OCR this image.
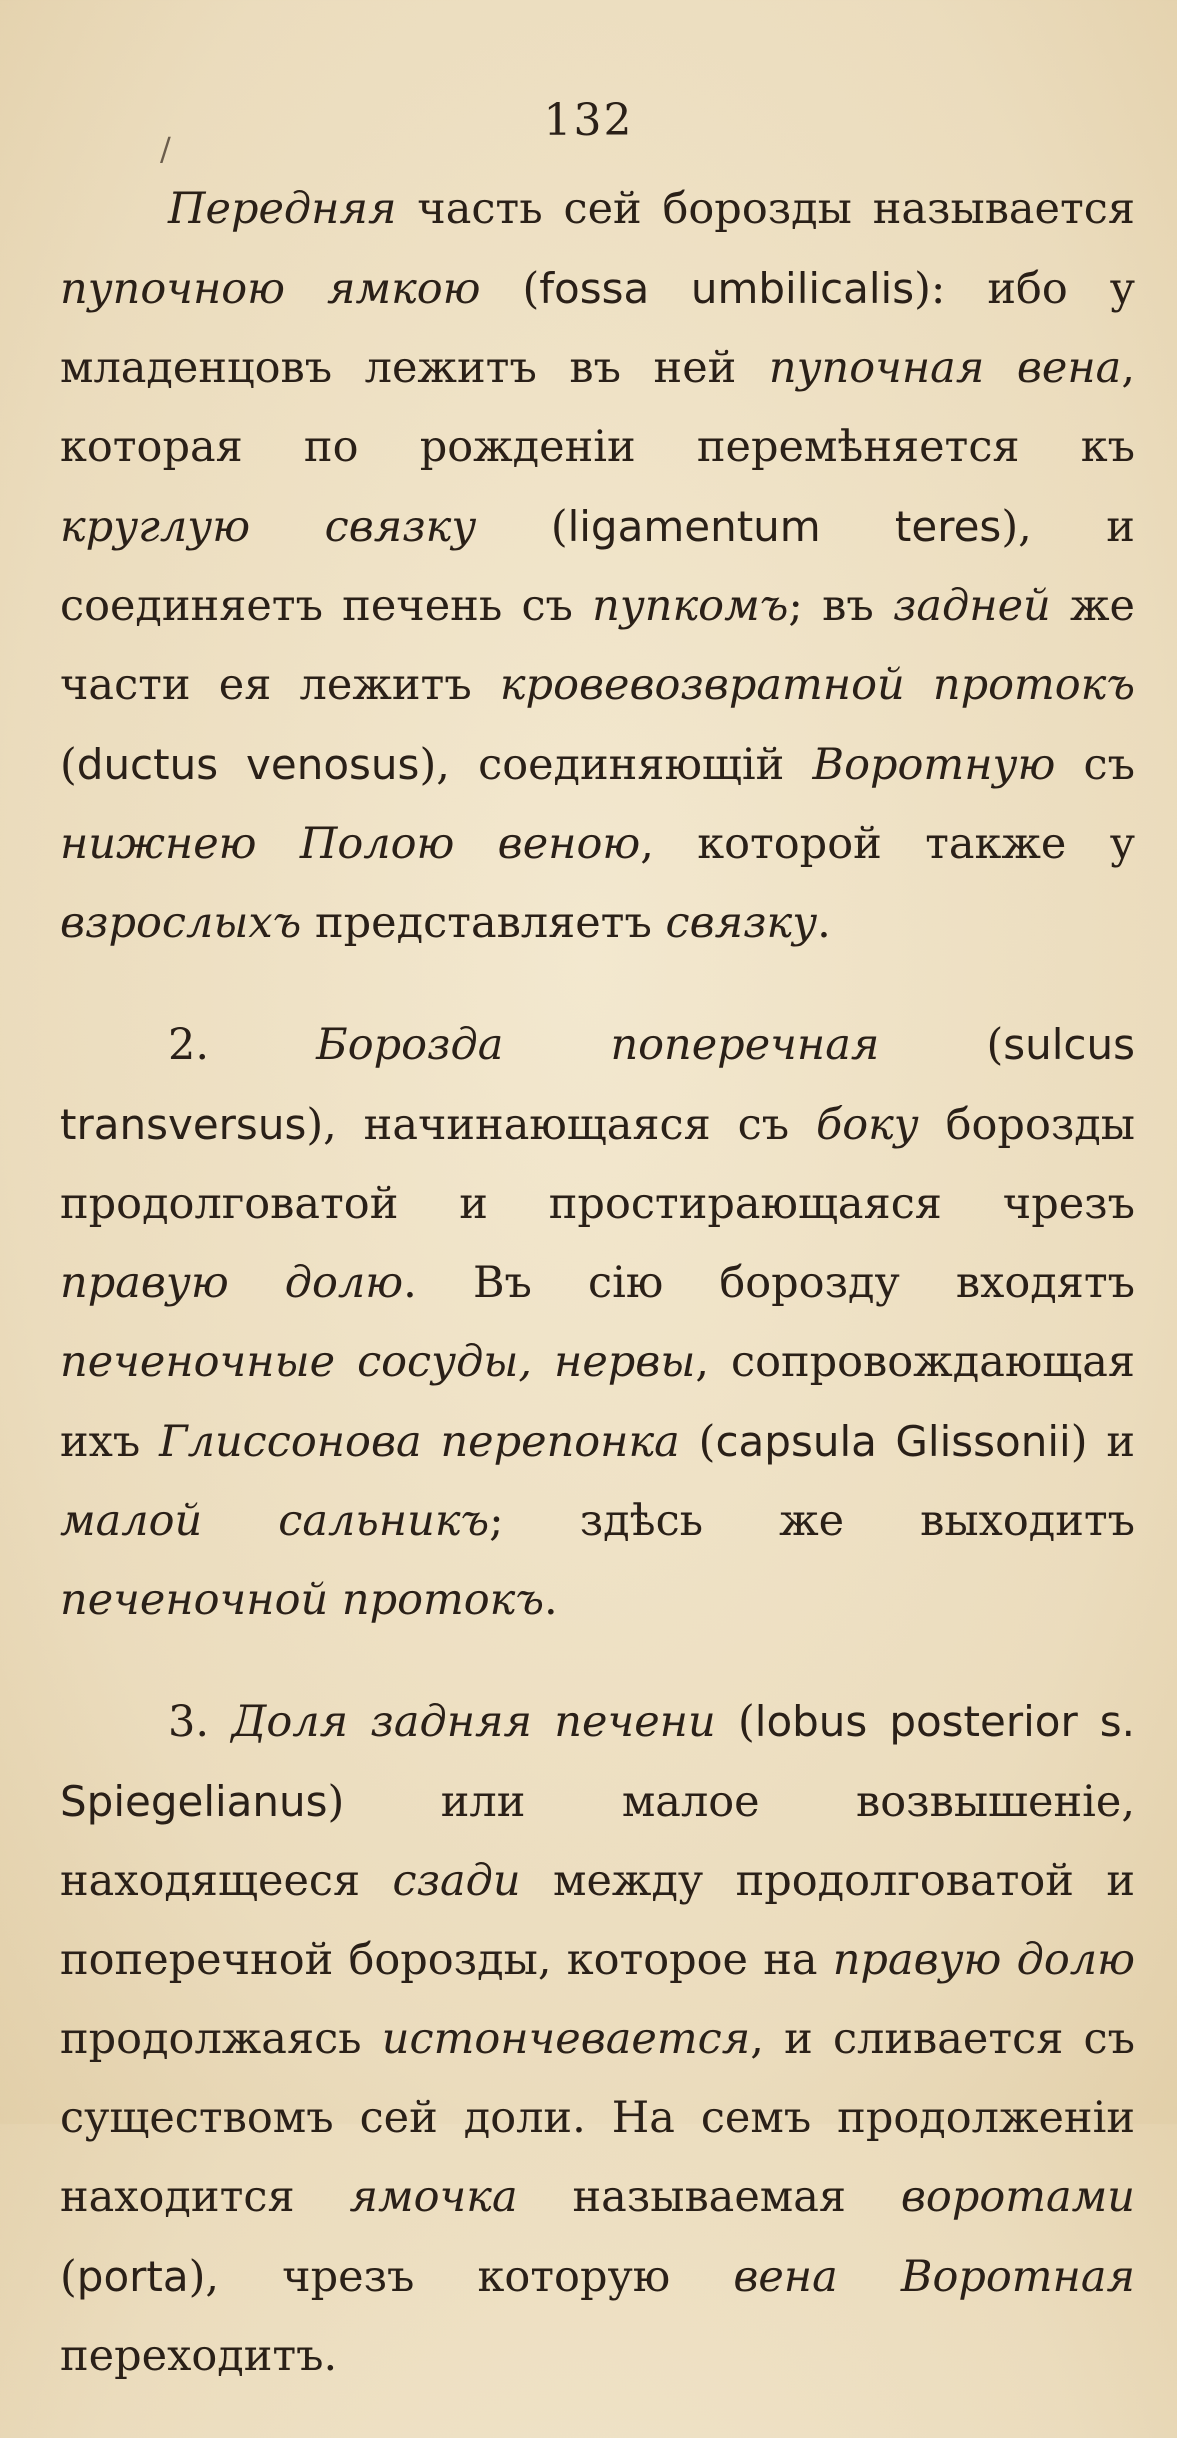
132
/

Передняя часть сей борозды называется пупочною ямкою (fossa umbilicalis): ибо у младенцовъ лежитъ въ ней пупочная вена, которая по рожденiи перемѣняется къ круглую связку (ligamentum teres), и соединяетъ печень съ пупкомъ; въ задней же части ея лежитъ кровевозвратной протокъ (ductus venosus), соединяющiй Воротную съ нижнею Полою веною, которой также у взрослыхъ представляетъ связку.

2. Борозда поперечная (sulcus transversus), начинающаяся съ боку борозды продолговатой и простирающаяся чрезъ правую долю. Въ сiю борозду входятъ печеночные сосуды, нервы, сопровождающая ихъ Глиссонова перепонка (capsula Glissonii) и малой сальникъ; здѣсь же выходитъ печеночной протокъ.

3. Доля задняя печени (lobus posterior s. Spiegelianus) или малое возвышенiе, находящееся сзади между продолговатой и поперечной борозды, которое на правую долю продолжаясь истончевается, и сливается съ существомъ сей доли. На семъ продолженiи находится ямочка называемая воротами (porta), чрезъ которую вена Воротная переходитъ.
